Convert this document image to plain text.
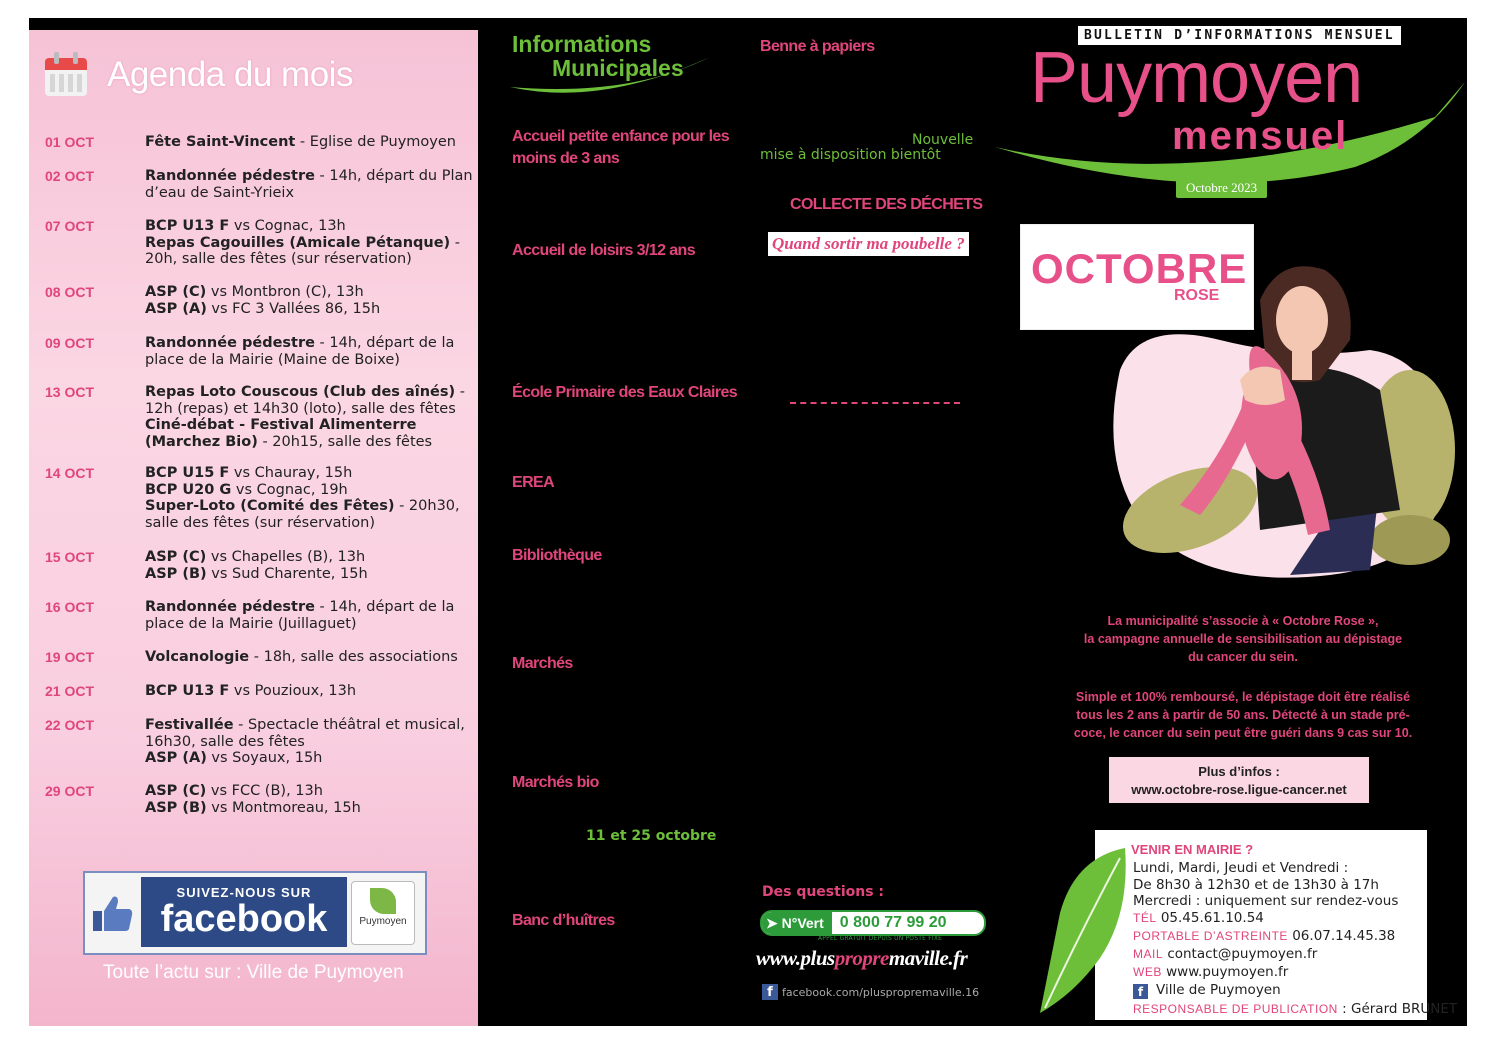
Agenda du mois
01 OCT	Fête Saint-Vincent - Eglise de Puymoyen
02 OCT	Randonnée pédestre - 14h, départ du Plan
d’eau de Saint-Yrieix
07 OCT	BCP U13 F vs Cognac, 13h
Repas Cagouilles (Amicale Pétanque) -
20h, salle des fêtes (sur réservation)
08 OCT	ASP (C) vs Montbron (C), 13h
ASP (A) vs FC 3 Vallées 86, 15h
09 OCT	Randonnée pédestre - 14h, départ de la
place de la Mairie (Maine de Boixe)
13 OCT	Repas Loto Couscous (Club des aînés) -
12h (repas) et 14h30 (loto), salle des fêtes
Ciné-débat - Festival Alimenterre
(Marchez Bio) - 20h15, salle des fêtes
14 OCT	BCP U15 F vs Chauray, 15h
BCP U20 G vs Cognac, 19h
Super-Loto (Comité des Fêtes) - 20h30,
salle des fêtes (sur réservation)
15 OCT	ASP (C) vs Chapelles (B), 13h
ASP (B) vs Sud Charente, 15h
16 OCT	Randonnée pédestre - 14h, départ de la
place de la Mairie (Juillaguet)
19 OCT	Volcanologie - 18h, salle des associations
21 OCT	BCP U13 F vs Pouzioux, 13h
22 OCT	Festivallée - Spectacle théâtral et musical,
16h30, salle des fêtes
ASP (A) vs Soyaux, 15h
29 OCT	ASP (C) vs FCC (B), 13h
ASP (B) vs Montmoreau, 15h
SUIVEZ-NOUS SUR
facebook	Puymoyen
Toute l’actu sur : Ville de Puymoyen
Informations
Municipales
Accueil petite enfance pour les moins de 3 ans
Accueil de loisirs 3/12 ans
École Primaire des Eaux Claires
EREA
Bibliothèque
Marchés
Marchés bio
11 et 25 octobre
Banc d’huîtres
Benne à papiers
Nouvelle
mise à disposition bientôt
COLLECTE DES DÉCHETS
Quand sortir ma poubelle ?
Des questions :
➤ N°Vert	0 800 77 99 20
APPEL GRATUIT DEPUIS UN POSTE FIXE
www.pluspropremaville.fr
f facebook.com/pluspropremaville.16
BULLETIN D’INFORMATIONS MENSUEL
Puymoyen
mensuel
Octobre 2023
OCTOBRE
ROSE
La municipalité s’associe à « Octobre Rose »,
la campagne annuelle de sensibilisation au dépistage
du cancer du sein.
Simple et 100% remboursé, le dépistage doit être réalisé
tous les 2 ans à partir de 50 ans. Détecté à un stade pré-
coce, le cancer du sein peut être guéri dans 9 cas sur 10.
Plus d’infos :
www.octobre-rose.ligue-cancer.net
VENIR EN MAIRIE ?
Lundi, Mardi, Jeudi et Vendredi :
De 8h30 à 12h30 et de 13h30 à 17h
Mercredi : uniquement sur rendez-vous
TÉL 05.45.61.10.54
PORTABLE D’ASTREINTE 06.07.14.45.38
MAIL contact@puymoyen.fr
WEB www.puymoyen.fr
f Ville de Puymoyen
RESPONSABLE DE PUBLICATION : Gérard BRUNET
